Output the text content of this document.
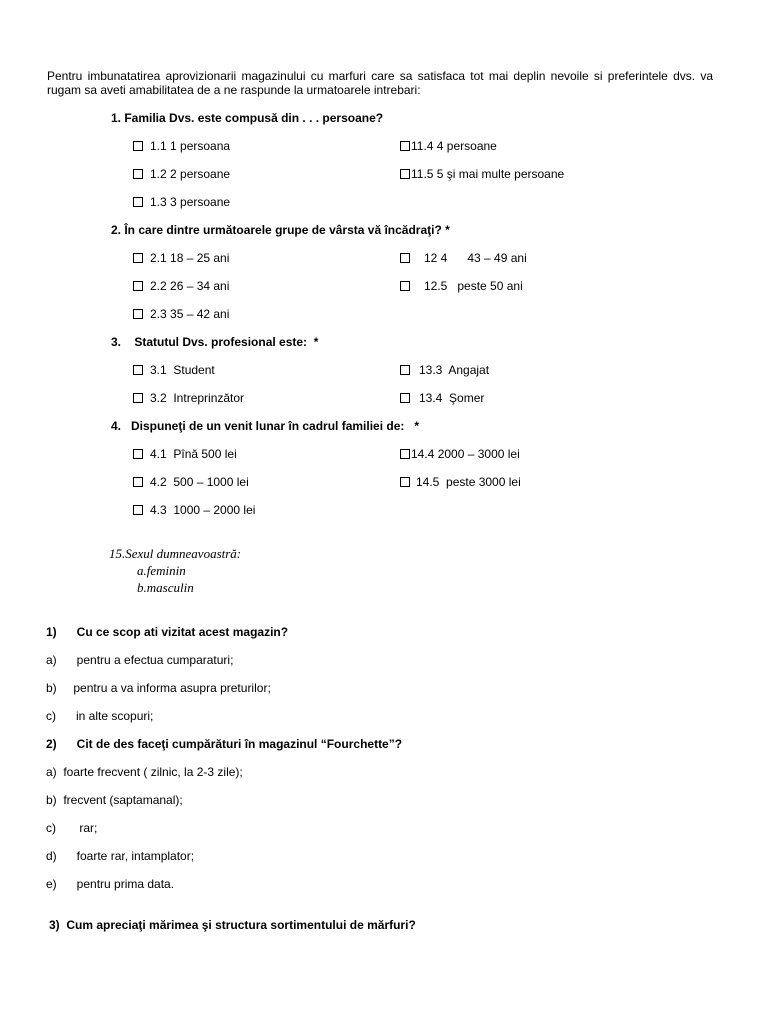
Pentru imbunatatirea aprovizionarii magazinului cu marfuri care sa satisfaca tot mai deplin nevoile si preferintele dvs. va rugam sa aveti amabilitatea de a ne raspunde la urmatoarele intrebari:
1. Familia Dvs. este compusă din . . . persoane?
1.1 1 persoana
1.2 2 persoane
1.3 3 persoane
11.4 4 persoane
11.5 5 şi mai multe persoane
2. În care dintre următoarele grupe de vârsta vă încădraţi? *
2.1 18 – 25 ani
2.2 26 – 34 ani
2.3 35 – 42 ani
12 4      43 – 49 ani
12.5   peste 50 ani
3.    Statutul Dvs. profesional este:  *
3.1  Student
3.2  Intreprinzător
13.3  Angajat
13.4  Şomer
4.   Dispuneţi de un venit lunar în cadrul familiei de:   *
4.1  Pînă 500 lei
4.2  500 – 1000 lei
4.3  1000 – 2000 lei
14.4 2000 – 3000 lei
14.5  peste 3000 lei
15.Sexul dumneavoastră:
a.feminin
b.masculin
1)      Cu ce scop ati vizitat acest magazin?
a)      pentru a efectua cumparaturi;
b)     pentru a va informa asupra preturilor;
c)      in alte scopuri;
2)      Cit de des faceţi cumpărături în magazinul “Fourchette”?
a)  foarte frecvent ( zilnic, la 2-3 zile);
b)  frecvent (saptamanal);
c)       rar;
d)      foarte rar, intamplator;
e)      pentru prima data.
3)  Cum apreciaţi mărimea şi structura sortimentului de mărfuri?
